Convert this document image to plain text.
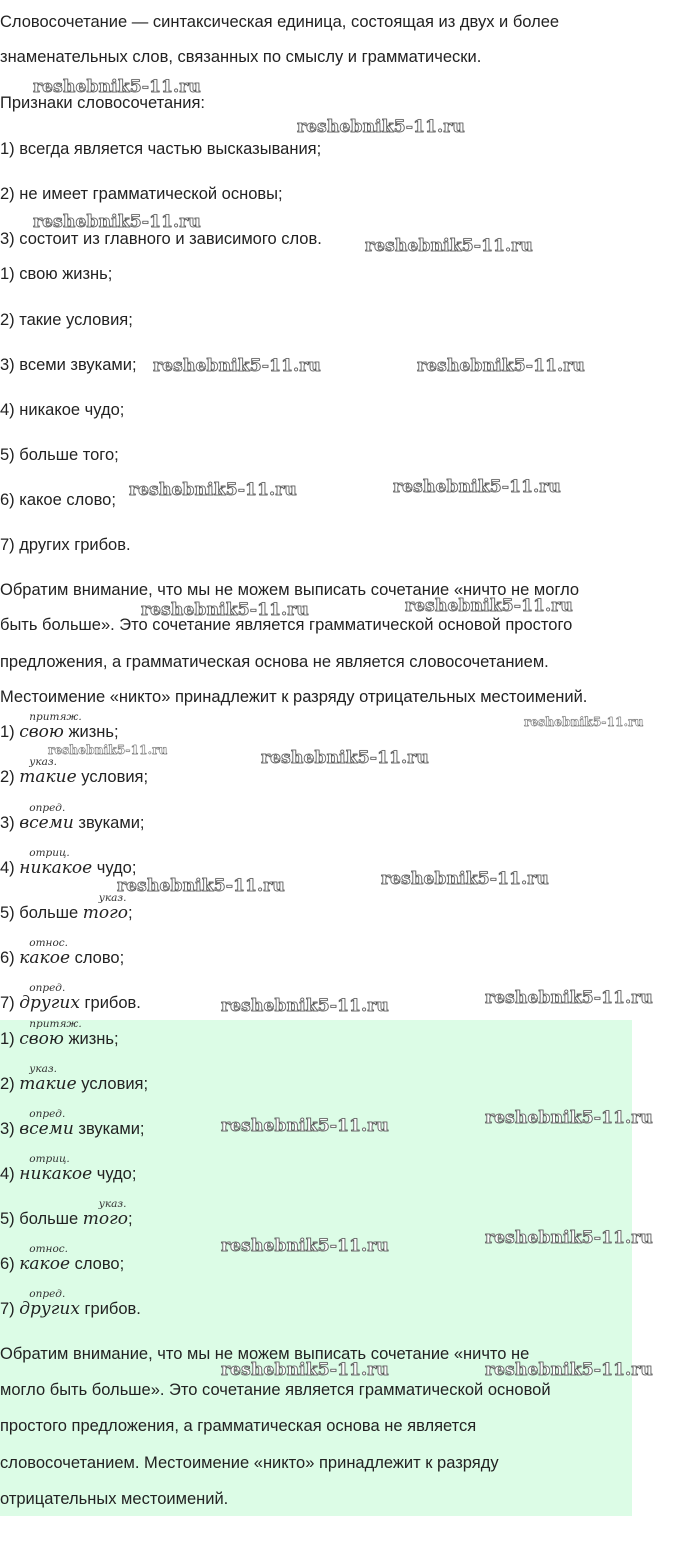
Словосочетание — синтаксическая единица, состоящая из двух и более
знаменательных слов, связанных по смыслу и грамматически.
Признаки словосочетания:
1) всегда является частью высказывания;
2) не имеет грамматической основы;
3) состоит из главного и зависимого слов.
1) свою жизнь;
2) такие условия;
3) всеми звуками;
4) никакое чудо;
5) больше того;
6) какое слово;
7) других грибов.
Обратим внимание, что мы не можем выписать сочетание «ничто не могло
быть больше». Это сочетание является грамматической основой простого
предложения, а грамматическая основа не является словосочетанием.
Местоимение «никто» принадлежит к разряду отрицательных местоимений.
1)
притяж.
свою жизнь;
2)
указ.
такие условия;
3)
опред.
всеми звуками;
4)
отриц.
никакое чудо;
5) больше
указ.
того;
6)
относ.
какое слово;
7)
опред.
других грибов.
1)
притяж.
свою жизнь;
2)
указ.
такие условия;
3)
опред.
всеми звуками;
4)
отриц.
никакое чудо;
5) больше
указ.
того;
6)
относ.
какое слово;
7)
опред.
других грибов.
Обратим внимание, что мы не можем выписать сочетание «ничто не
могло быть больше». Это сочетание является грамматической основой
простого предложения, а грамматическая основа не является
словосочетанием. Местоимение «никто» принадлежит к разряду
отрицательных местоимений.
reshebnik5-11.ru
reshebnik5-11.ru
reshebnik5-11.ru
reshebnik5-11.ru
reshebnik5-11.ru	reshebnik5-11.ru
reshebnik5-11.ru	reshebnik5-11.ru
reshebnik5-11.ru	reshebnik5-11.ru
reshebnik5-11.ru
reshebnik5-11.ru	reshebnik5-11.ru
reshebnik5-11.ru	reshebnik5-11.ru
reshebnik5-11.ru	reshebnik5-11.ru
reshebnik5-11.ru	reshebnik5-11.ru
reshebnik5-11.ru	reshebnik5-11.ru
reshebnik5-11.ru	reshebnik5-11.ru
